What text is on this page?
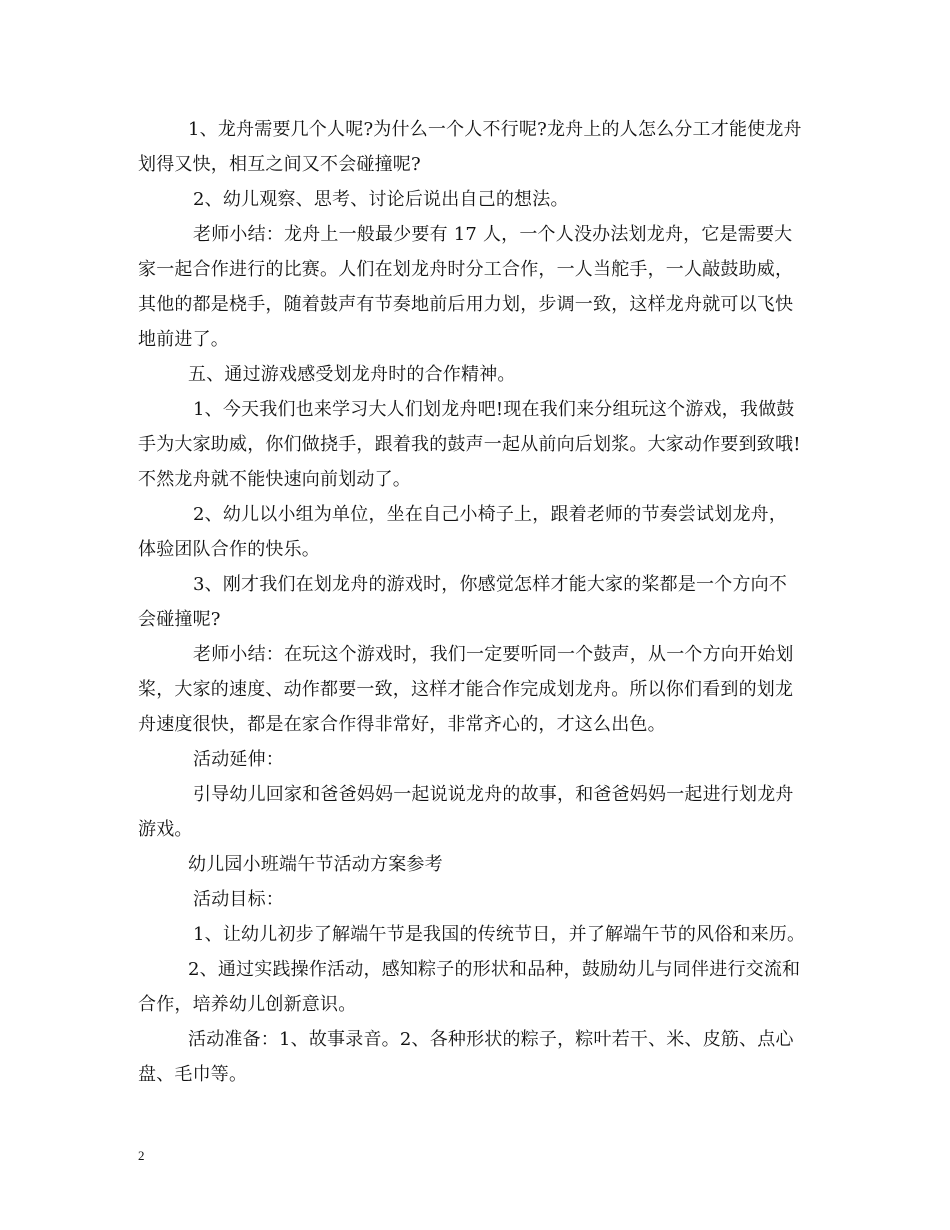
1、龙舟需要几个人呢?为什么一个人不行呢?龙舟上的人怎么分工才能使龙舟
划得又快，相互之间又不会碰撞呢?
2、幼儿观察、思考、讨论后说出自己的想法。
老师小结：龙舟上一般最少要有 17 人，一个人没办法划龙舟，它是需要大
家一起合作进行的比赛。人们在划龙舟时分工合作，一人当舵手，一人敲鼓助威，
其他的都是桡手，随着鼓声有节奏地前后用力划，步调一致，这样龙舟就可以飞快
地前进了。
五、通过游戏感受划龙舟时的合作精神。
1、今天我们也来学习大人们划龙舟吧!现在我们来分组玩这个游戏，我做鼓
手为大家助威，你们做挠手，跟着我的鼓声一起从前向后划浆。大家动作要到致哦!
不然龙舟就不能快速向前划动了。
2、幼儿以小组为单位，坐在自己小椅子上，跟着老师的节奏尝试划龙舟，
体验团队合作的快乐。
3、刚才我们在划龙舟的游戏时，你感觉怎样才能大家的桨都是一个方向不
会碰撞呢?
老师小结：在玩这个游戏时，我们一定要听同一个鼓声，从一个方向开始划
桨，大家的速度、动作都要一致，这样才能合作完成划龙舟。所以你们看到的划龙
舟速度很快，都是在家合作得非常好，非常齐心的，才这么出色。
活动延伸：
引导幼儿回家和爸爸妈妈一起说说龙舟的故事，和爸爸妈妈一起进行划龙舟
游戏。
幼儿园小班端午节活动方案参考
活动目标：
1、让幼儿初步了解端午节是我国的传统节日，并了解端午节的风俗和来历。
2、通过实践操作活动，感知粽子的形状和品种，鼓励幼儿与同伴进行交流和
合作，培养幼儿创新意识。
活动准备：1、故事录音。2、各种形状的粽子，粽叶若干、米、皮筋、点心
盘、毛巾等。
2
